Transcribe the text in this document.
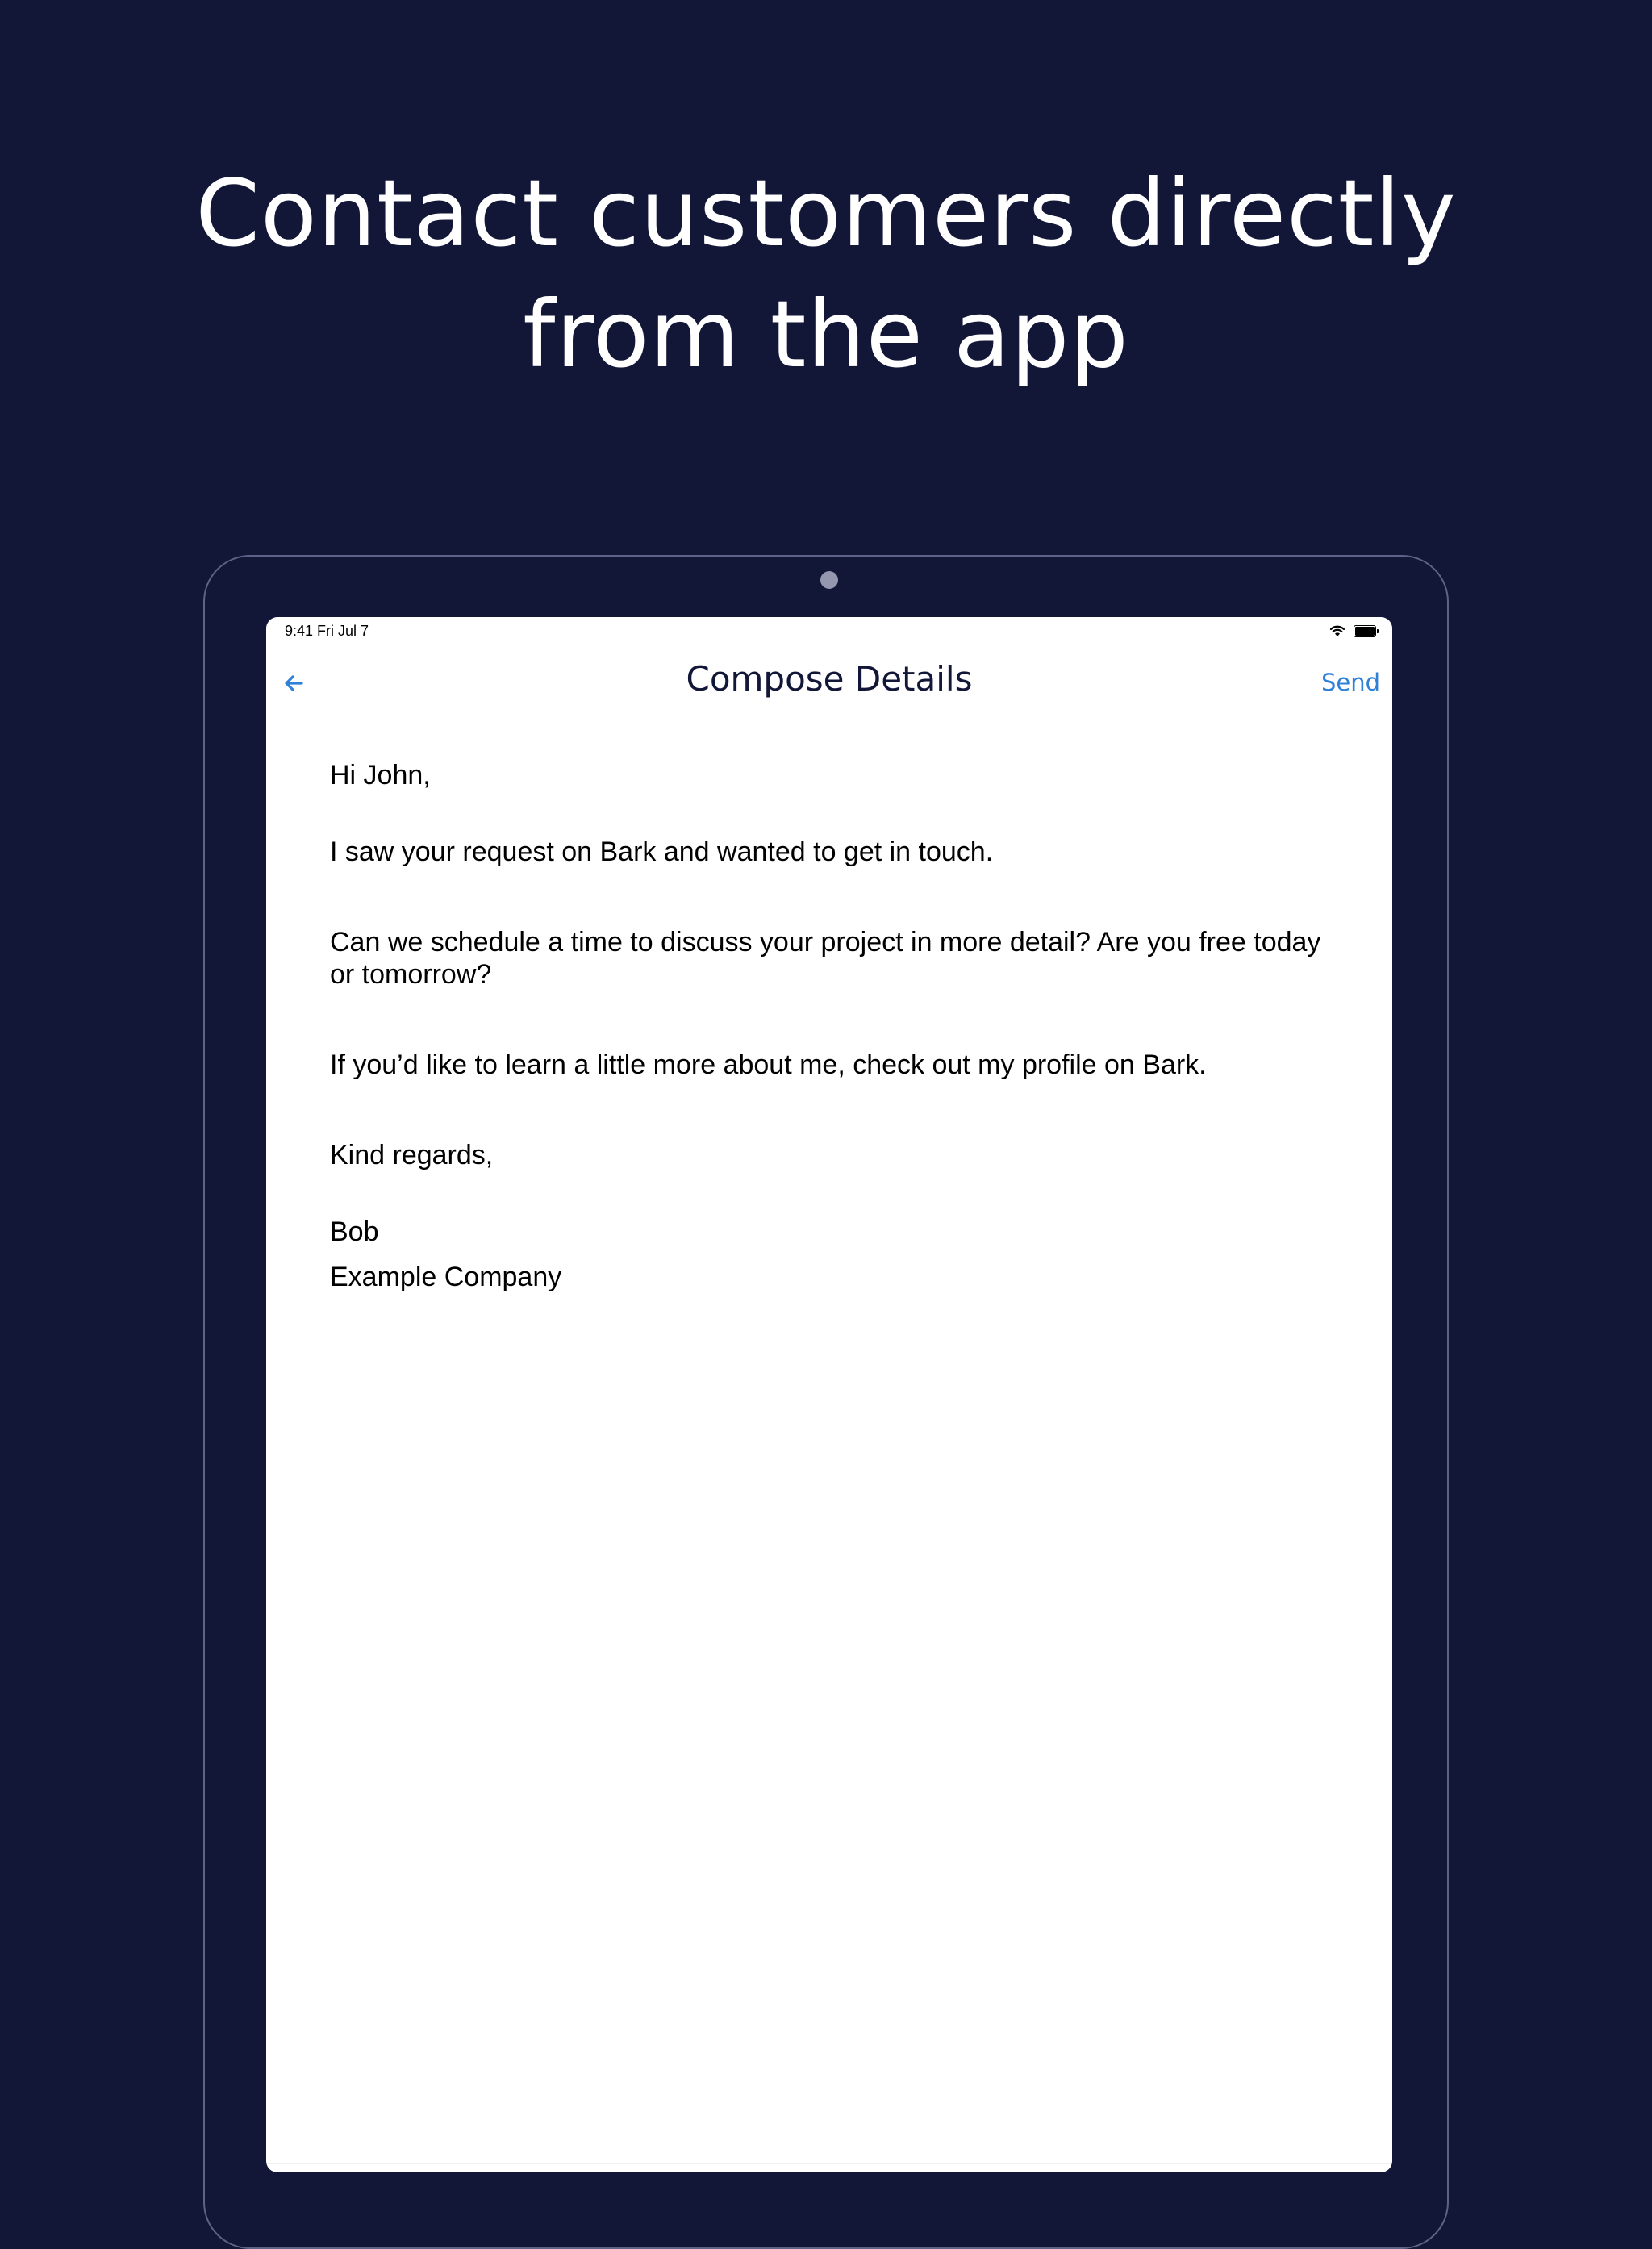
Contact customers directly
from the app
9:41 Fri Jul 7
Compose Details	Send

Hi John,

I saw your request on Bark and wanted to get in touch.

Can we schedule a time to discuss your project in more detail? Are you free today or tomorrow?

If you’d like to learn a little more about me, check out my profile on Bark.

Kind regards,

Bob

Example Company
